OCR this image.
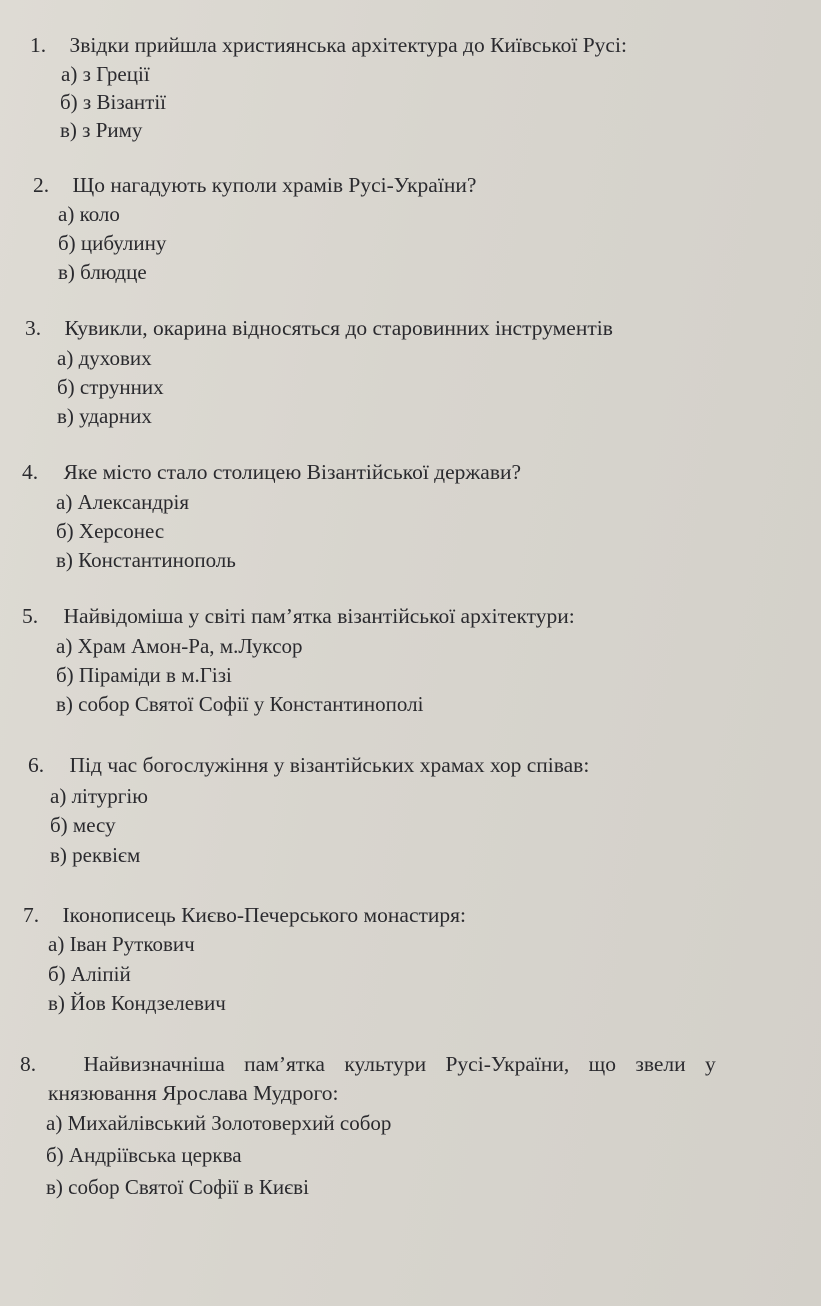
1. Звідки прийшла християнська архітектура до Київської Русі:
а) з Греції
б) з Візантії
в) з Риму
2. Що нагадують куполи храмів Русі-України?
а) коло
б) цибулину
в) блюдце
3. Кувикли, окарина відносяться до старовинних інструментів
а) духових
б) струнних
в) ударних
4. Яке місто стало столицею Візантійської держави?
а) Александрія
б) Херсонес
в) Константинополь
5. Найвідоміша у світі пам’ятка візантійської архітектури:
а) Храм Амон-Ра, м.Луксор
б) Піраміди в м.Гізі
в) собор Святої Софії у Константинополі
6. Під час богослужіння у візантійських храмах хор співав:
а) літургію
б) месу
в) реквієм
7. Іконописець Києво-Печерського монастиря:
а) Іван Руткович
б) Аліпій
в) Йов Кондзелевич
8. Найвизначніша пам’ятка культури Русі-України, що звели у
князювання Ярослава Мудрого:
а) Михайлівський Золотоверхий собор
б) Андріївська церква
в) собор Святої Софії в Києві
